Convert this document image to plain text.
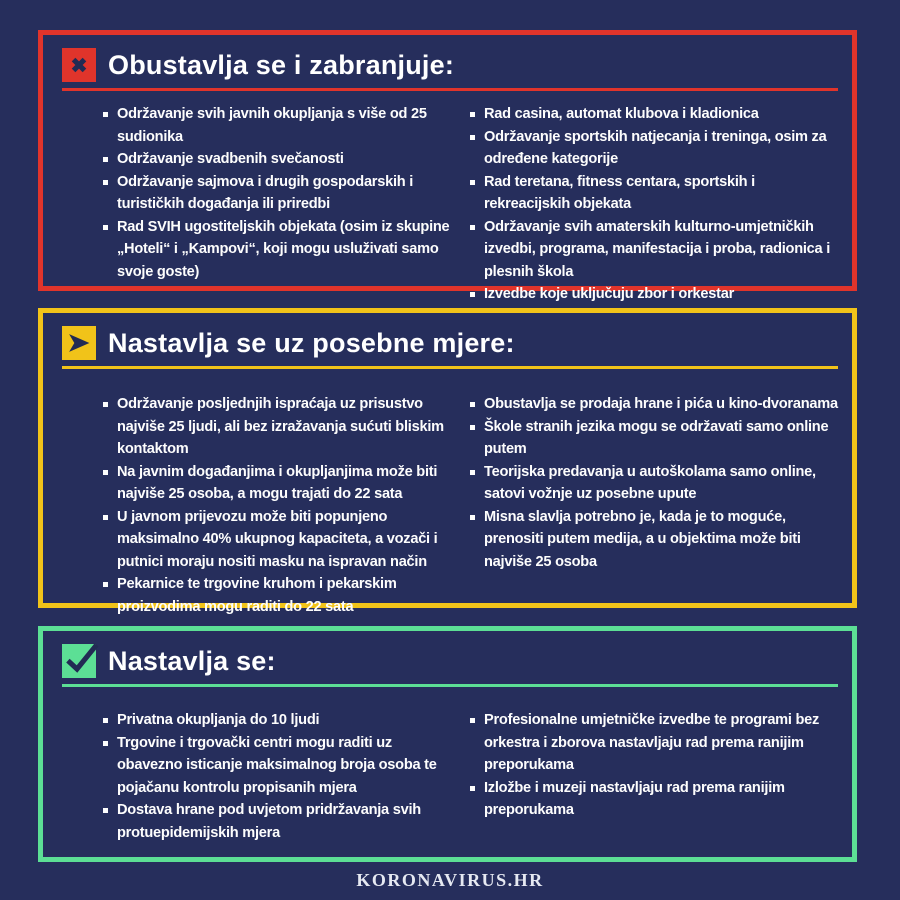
Obustavlja se i zabranjuje:
Održavanje svih javnih okupljanja s više od 25 sudionika
Održavanje svadbenih svečanosti
Održavanje sajmova i drugih gospodarskih i turističkih događanja ili priredbi
Rad SVIH ugostiteljskih objekata (osim iz skupine „Hoteli“ i „Kampovi“, koji mogu usluživati samo svoje goste)
Rad casina, automat klubova i kladionica
Održavanje sportskih natjecanja i treninga, osim za određene kategorije
Rad teretana, fitness centara, sportskih i rekreacijskih objekata
Održavanje svih amaterskih kulturno-umjetničkih izvedbi, programa, manifestacija i proba, radionica i plesnih škola
Izvedbe koje uključuju zbor i orkestar
Nastavlja se uz posebne mjere:
Održavanje posljednjih ispraćaja uz prisustvo najviše 25 ljudi, ali bez izražavanja sućuti bliskim kontaktom
Na javnim događanjima i okupljanjima može biti najviše 25 osoba, a mogu trajati do 22 sata
U javnom prijevozu može biti popunjeno maksimalno 40% ukupnog kapaciteta, a vozači i putnici moraju nositi masku na ispravan način
Pekarnice te trgovine kruhom i pekarskim proizvodima mogu raditi do 22 sata
Obustavlja se prodaja hrane i pića u kino-dvoranama
Škole stranih jezika mogu se održavati samo online putem
Teorijska predavanja u autoškolama samo online, satovi vožnje uz posebne upute
Misna slavlja potrebno je, kada je to moguće, prenositi putem medija, a u objektima može biti najviše 25 osoba
Nastavlja se:
Privatna okupljanja do 10 ljudi
Trgovine i trgovački centri mogu raditi uz obavezno isticanje maksimalnog broja osoba te pojačanu kontrolu propisanih mjera
Dostava hrane pod uvjetom pridržavanja svih protuepidemijskih mjera
Profesionalne umjetničke izvedbe te programi bez orkestra i zborova nastavljaju rad prema ranijim preporukama
Izložbe i muzeji nastavljaju rad prema ranijim preporukama
KORONAVIRUS.HR
